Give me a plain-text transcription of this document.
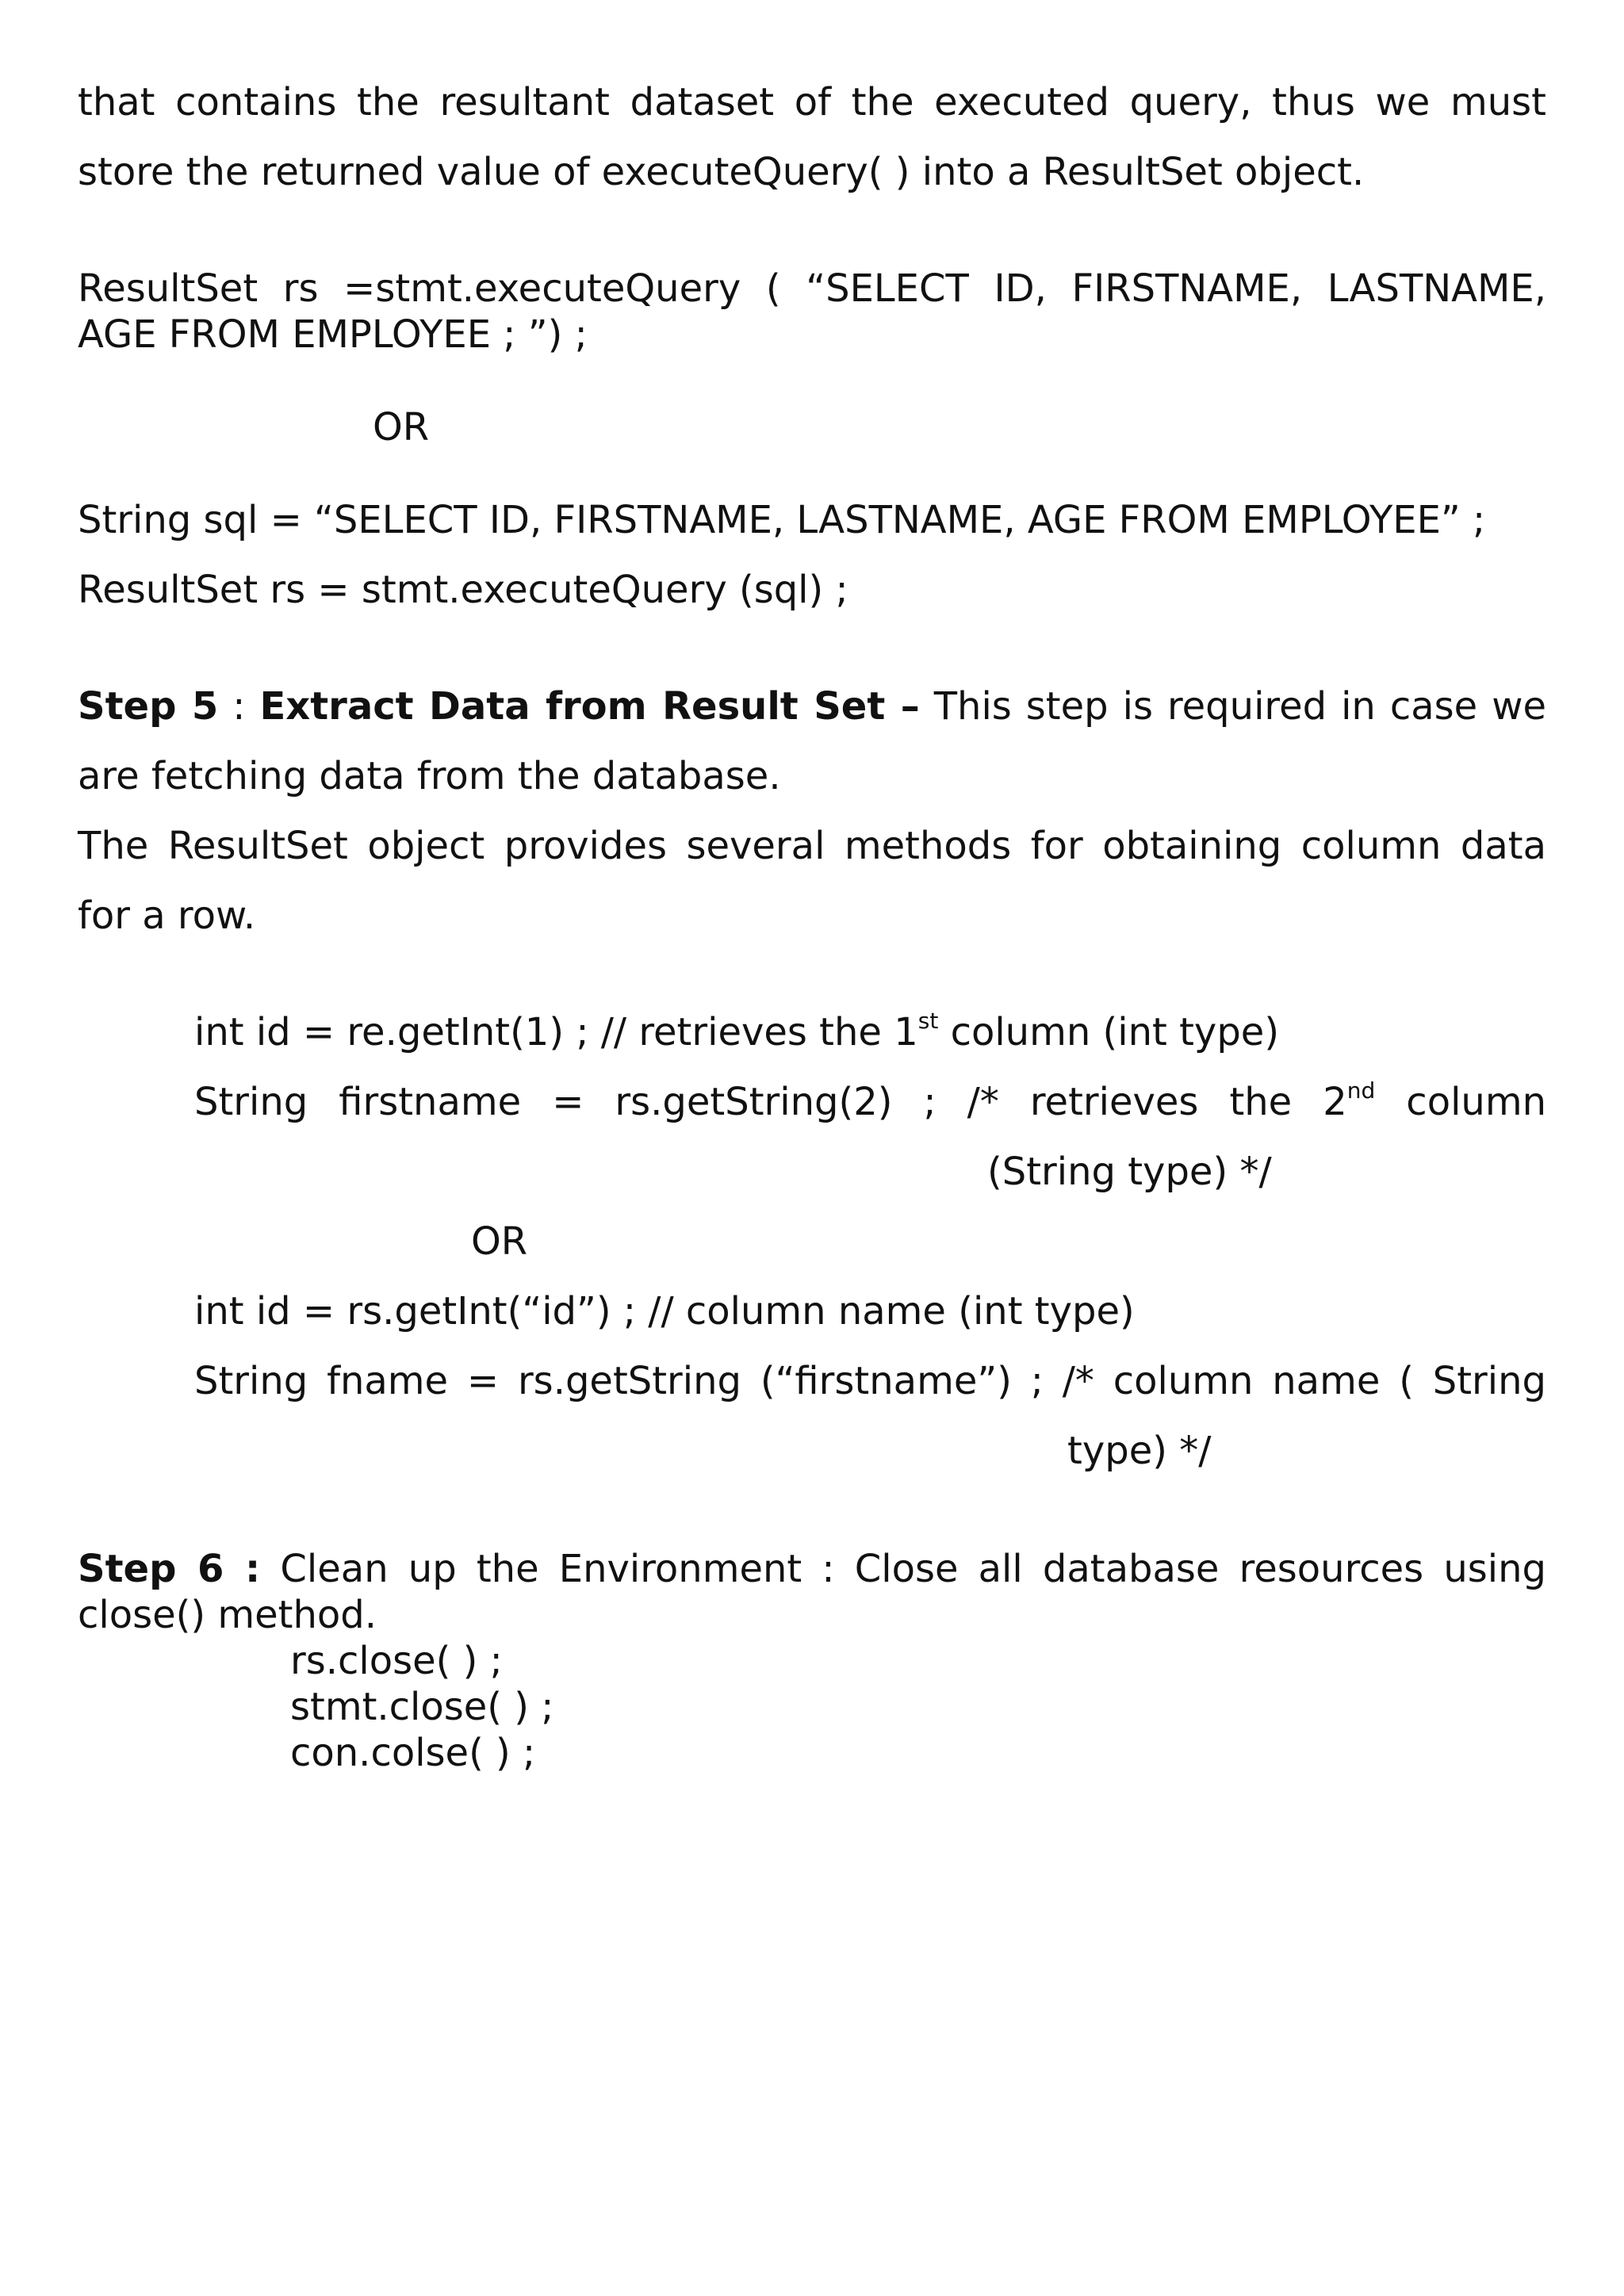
that contains the resultant dataset of the executed query, thus we must
store the returned value of executeQuery( ) into a ResultSet object.
ResultSet rs =stmt.executeQuery ( “SELECT ID, FIRSTNAME, LASTNAME,
AGE FROM EMPLOYEE ; ”) ;
OR
String sql = “SELECT ID, FIRSTNAME, LASTNAME, AGE FROM EMPLOYEE” ;
ResultSet rs = stmt.executeQuery (sql) ;
Step 5 : Extract Data from Result Set – This step is required in case we
are fetching data from the database.
The ResultSet object provides several methods for obtaining column data
for a row.
int id = re.getInt(1) ; // retrieves the 1st column (int type)
String firstname = rs.getString(2) ; /* retrieves the 2nd column
(String type) */
OR
int id = rs.getInt(“id”) ; // column name (int type)
String fname = rs.getString (“firstname”) ; /* column name ( String
type) */
Step 6 : Clean up the Environment : Close all database resources using
close() method.
rs.close( ) ;
stmt.close( ) ;
con.colse( ) ;
